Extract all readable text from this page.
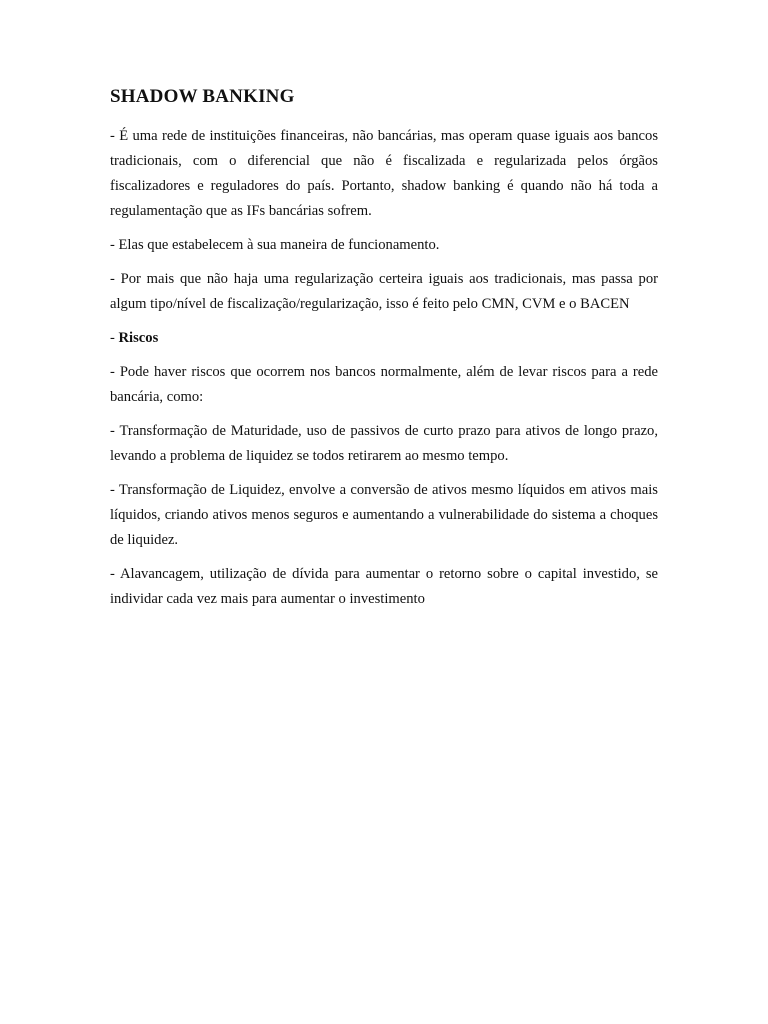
SHADOW BANKING

- É uma rede de instituições financeiras, não bancárias, mas operam quase iguais aos bancos tradicionais, com o diferencial que não é fiscalizada e regularizada pelos órgãos fiscalizadores e reguladores do país. Portanto, shadow banking é quando não há toda a regulamentação que as IFs bancárias sofrem.

- Elas que estabelecem à sua maneira de funcionamento.

- Por mais que não haja uma regularização certeira iguais aos tradicionais, mas passa por algum tipo/nível de fiscalização/regularização, isso é feito pelo CMN, CVM e o BACEN

- Riscos

- Pode haver riscos que ocorrem nos bancos normalmente, além de levar riscos para a rede bancária, como:

- Transformação de Maturidade, uso de passivos de curto prazo para ativos de longo prazo, levando a problema de liquidez se todos retirarem ao mesmo tempo.

- Transformação de Liquidez, envolve a conversão de ativos mesmo líquidos em ativos mais líquidos, criando ativos menos seguros e aumentando a vulnerabilidade do sistema a choques de liquidez.

- Alavancagem, utilização de dívida para aumentar o retorno sobre o capital investido, se individar cada vez mais para aumentar o investimento
